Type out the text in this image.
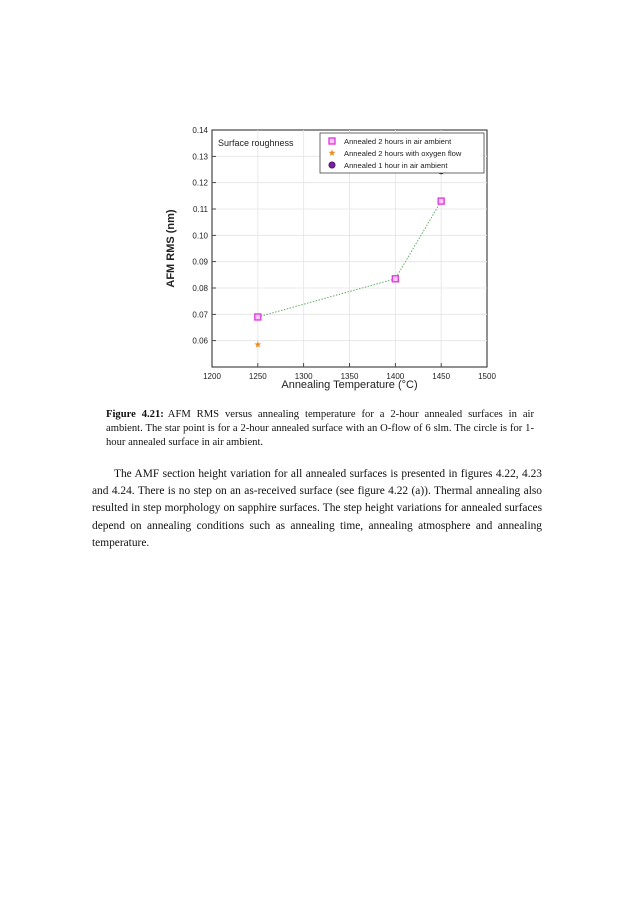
1200	1250	1300	1350	1400	1450	1500
0.06
0.07
0.08
0.09
0.10
0.11
0.12
0.13
0.14
Surface roughness	Annealed 2 hours in air ambient
Annealed 2 hours with oxygen flow
Annealed 1 hour in air ambient
Annealing Temperature (°C)
AFM RMS (nm)
Figure 4.21: AFM RMS versus annealing temperature for a 2-hour annealed surfaces in air ambient. The star point is for a 2-hour annealed surface with an O-flow of 6 slm. The circle is for 1-hour annealed surface in air ambient.

The AMF section height variation for all annealed surfaces is presented in figures 4.22, 4.23 and 4.24. There is no step on an as-received surface (see figure 4.22 (a)). Thermal annealing also resulted in step morphology on sapphire surfaces. The step height variations for annealed surfaces depend on annealing conditions such as annealing time, annealing atmosphere and annealing temperature.
